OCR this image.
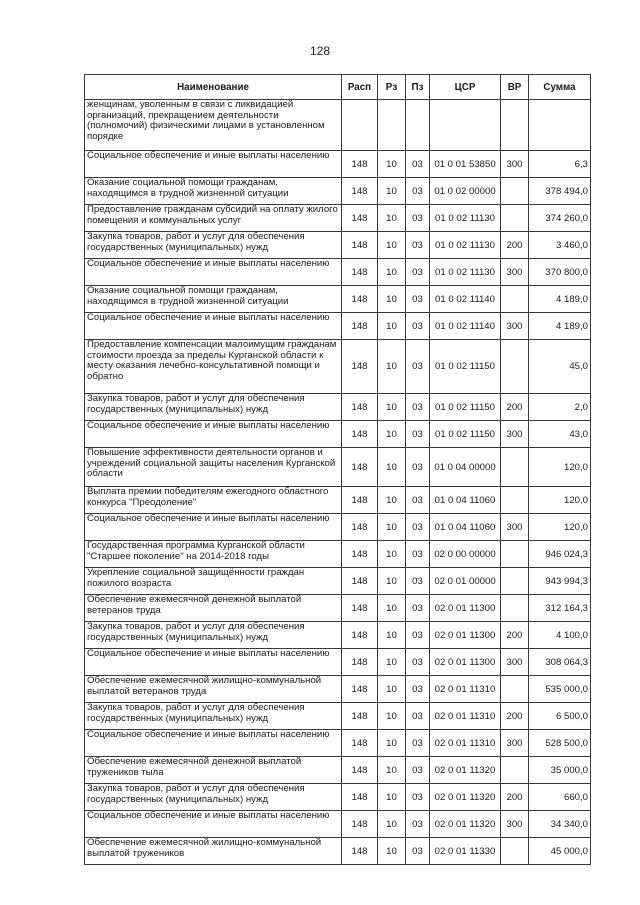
128
Наименование	Расп	Рз	Пз	ЦСР	ВР	Сумма
женщинам, уволенным в связи с ликвидацией организаций, прекращением деятельности (полномочий) физическими лицами в установленном порядке						
Социальное обеспечение и иные выплаты населению	148	10	03	01 0 01 53850	300	6,3
Оказание социальной помощи гражданам, находящимся в трудной жизненной ситуации	148	10	03	01 0 02 00000		378 494,0
Предоставление гражданам субсидий на оплату жилого помещения и коммунальных услуг	148	10	03	01 0 02 11130		374 260,0
Закупка товаров, работ и услуг для обеспечения государственных (муниципальных) нужд	148	10	03	01 0 02 11130	200	3 460,0
Социальное обеспечение и иные выплаты населению	148	10	03	01 0 02 11130	300	370 800,0
Оказание социальной помощи гражданам, находящимся в трудной жизненной ситуации	148	10	03	01 0 02 11140		4 189,0
Социальное обеспечение и иные выплаты населению	148	10	03	01 0 02 11140	300	4 189,0
Предоставление компенсации малоимущим гражданам стоимости проезда за пределы Курганской области к месту оказания лечебно-консультативной помощи и обратно	148	10	03	01 0 02 11150		45,0
Закупка товаров, работ и услуг для обеспечения государственных (муниципальных) нужд	148	10	03	01 0 02 11150	200	2,0
Социальное обеспечение и иные выплаты населению	148	10	03	01 0 02 11150	300	43,0
Повышение эффективности деятельности органов и учреждений социальной защиты населения Курганской области	148	10	03	01 0 04 00000		120,0
Выплата премии победителям ежегодного областного конкурса "Преодоление"	148	10	03	01 0 04 11060		120,0
Социальное обеспечение и иные выплаты населению	148	10	03	01 0 04 11060	300	120,0
Государственная программа Курганской области "Старшее поколение" на 2014-2018 годы	148	10	03	02 0 00 00000		946 024,3
Укрепление социальной защищённости граждан пожилого возраста	148	10	03	02 0 01 00000		943 994,3
Обеспечение ежемесячной денежной выплатой ветеранов труда	148	10	03	02 0 01 11300		312 164,3
Закупка товаров, работ и услуг для обеспечения государственных (муниципальных) нужд	148	10	03	02 0 01 11300	200	4 100,0
Социальное обеспечение и иные выплаты населению	148	10	03	02 0 01 11300	300	308 064,3
Обеспечение ежемесячной жилищно-коммунальной выплатой ветеранов труда	148	10	03	02 0 01 11310		535 000,0
Закупка товаров, работ и услуг для обеспечения государственных (муниципальных) нужд	148	10	03	02 0 01 11310	200	6 500,0
Социальное обеспечение и иные выплаты населению	148	10	03	02 0 01 11310	300	528 500,0
Обеспечение ежемесячной денежной выплатой тружеников тыла	148	10	03	02 0 01 11320		35 000,0
Закупка товаров, работ и услуг для обеспечения государственных (муниципальных) нужд	148	10	03	02 0 01 11320	200	660,0
Социальное обеспечение и иные выплаты населению	148	10	03	02 0 01 11320	300	34 340,0
Обеспечение ежемесячной жилищно-коммунальной выплатой тружеников	148	10	03	02 0 01 11330		45 000,0
